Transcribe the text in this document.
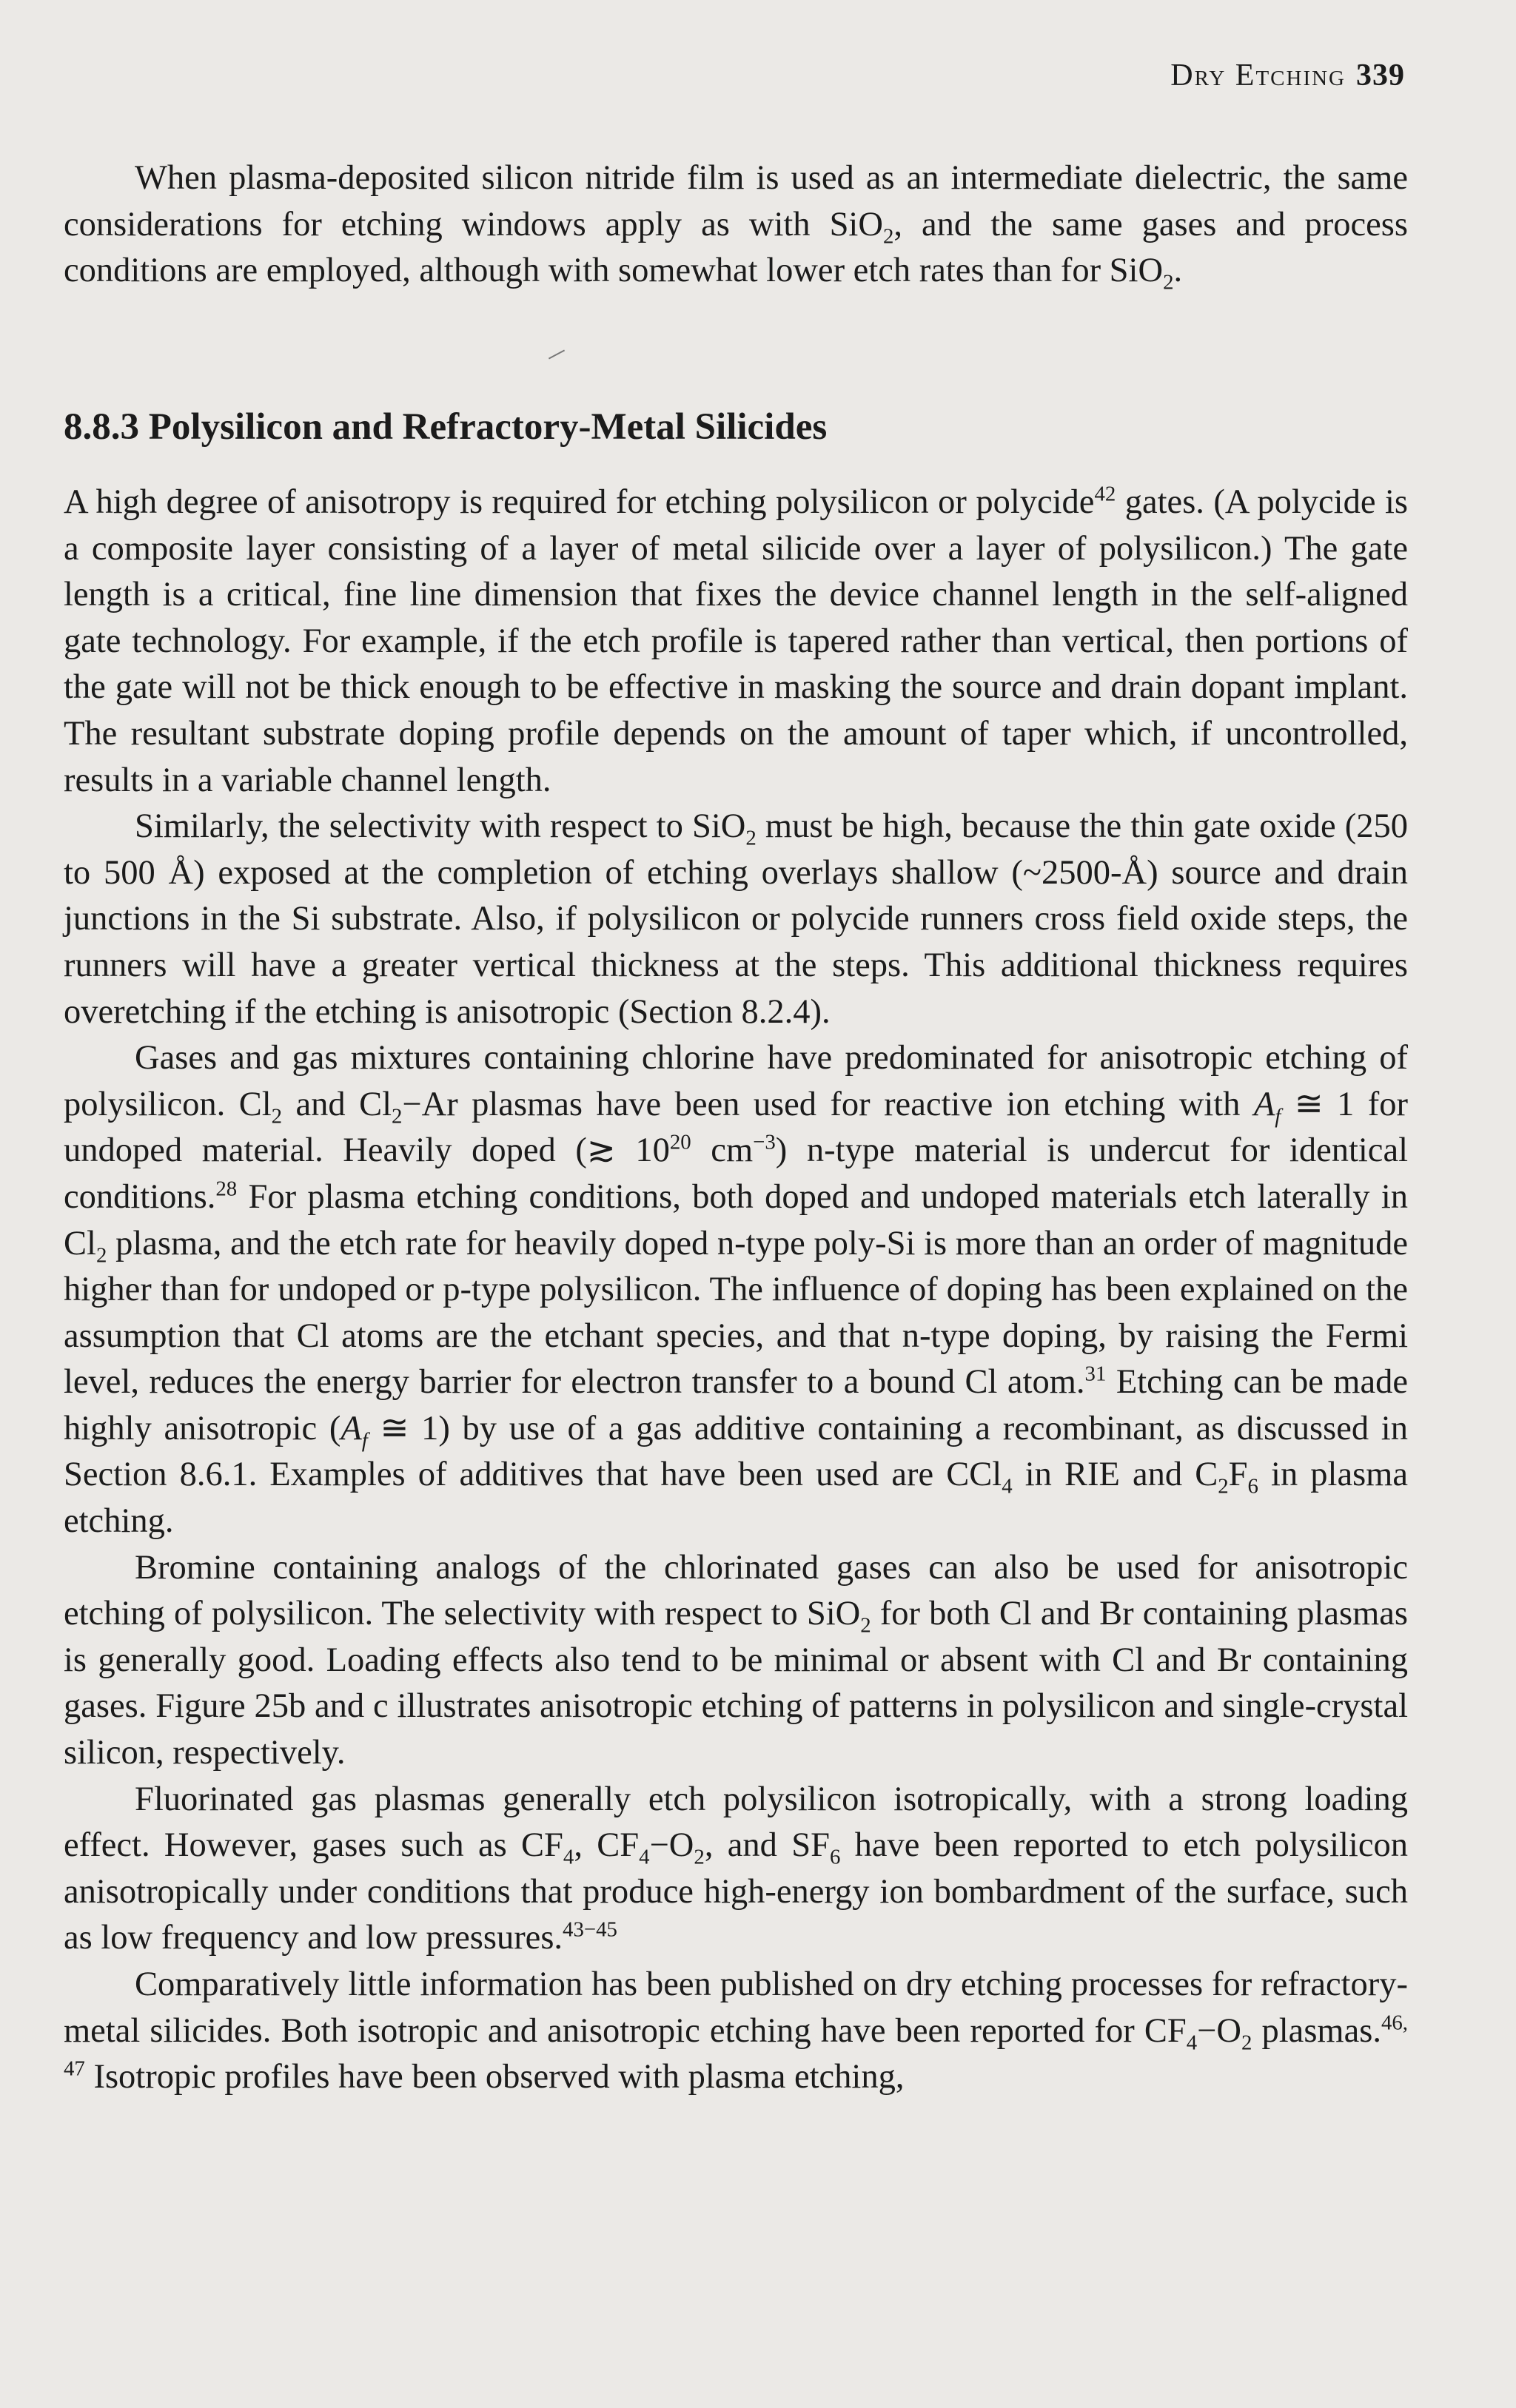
Dry Etching 339

When plasma-deposited silicon nitride film is used as an intermediate dielectric, the same considerations for etching windows apply as with SiO$_2$, and the same gases and process conditions are employed, although with somewhat lower etch rates than for SiO$_2$.

8.8.3 Polysilicon and Refractory-Metal Silicides

A high degree of anisotropy is required for etching polysilicon or polycide$^{42}$ gates. (A polycide is a composite layer consisting of a layer of metal silicide over a layer of polysilicon.) The gate length is a critical, fine line dimension that fixes the device channel length in the self-aligned gate technology. For example, if the etch profile is tapered rather than vertical, then portions of the gate will not be thick enough to be effective in masking the source and drain dopant implant. The resultant substrate doping profile depends on the amount of taper which, if uncontrolled, results in a variable channel length.

Similarly, the selectivity with respect to SiO$_2$ must be high, because the thin gate oxide (250 to 500 Å) exposed at the completion of etching overlays shallow (~2500-Å) source and drain junctions in the Si substrate. Also, if polysilicon or polycide runners cross field oxide steps, the runners will have a greater vertical thickness at the steps. This additional thickness requires overetching if the etching is anisotropic (Section 8.2.4).

Gases and gas mixtures containing chlorine have predominated for anisotropic etching of polysilicon. $Cl_2$ and $Cl_2-Ar$ plasmas have been used for reactive ion etching with $A_f$ ≅ 1 for undoped material. Heavily doped (≳ $10^{20}$ $cm^{-3}$) n-type material is undercut for identical conditions.$^{28}$ For plasma etching conditions, both doped and undoped materials etch laterally in $Cl_2$ plasma, and the etch rate for heavily doped n-type poly-Si is more than an order of magnitude higher than for undoped or p-type polysilicon. The influence of doping has been explained on the assumption that Cl atoms are the etchant species, and that n-type doping, by raising the Fermi level, reduces the energy barrier for electron transfer to a bound Cl atom.$^{31}$ Etching can be made highly anisotropic ($A_f$ ≅ 1) by use of a gas additive containing a recombinant, as discussed in Section 8.6.1. Examples of additives that have been used are CCl$_4$ in RIE and $C_2F_6$ in plasma etching.

Bromine containing analogs of the chlorinated gases can also be used for anisotropic etching of polysilicon. The selectivity with respect to SiO$_2$ for both Cl and Br containing plasmas is generally good. Loading effects also tend to be minimal or absent with Cl and Br containing gases. Figure 25b and c illustrates anisotropic etching of patterns in polysilicon and single-crystal silicon, respectively.

Fluorinated gas plasmas generally etch polysilicon isotropically, with a strong loading effect. However, gases such as $CF_4$, $CF_4-O_2$, and $SF_6$ have been reported to etch polysilicon anisotropically under conditions that produce high-energy ion bombardment of the surface, such as low frequency and low pressures.$^{43-45}$

Comparatively little information has been published on dry etching processes for refractory-metal silicides. Both isotropic and anisotropic etching have been reported for $CF_4-O_2$ plasmas.$^{46, 47}$ Isotropic profiles have been observed with plasma etching,
